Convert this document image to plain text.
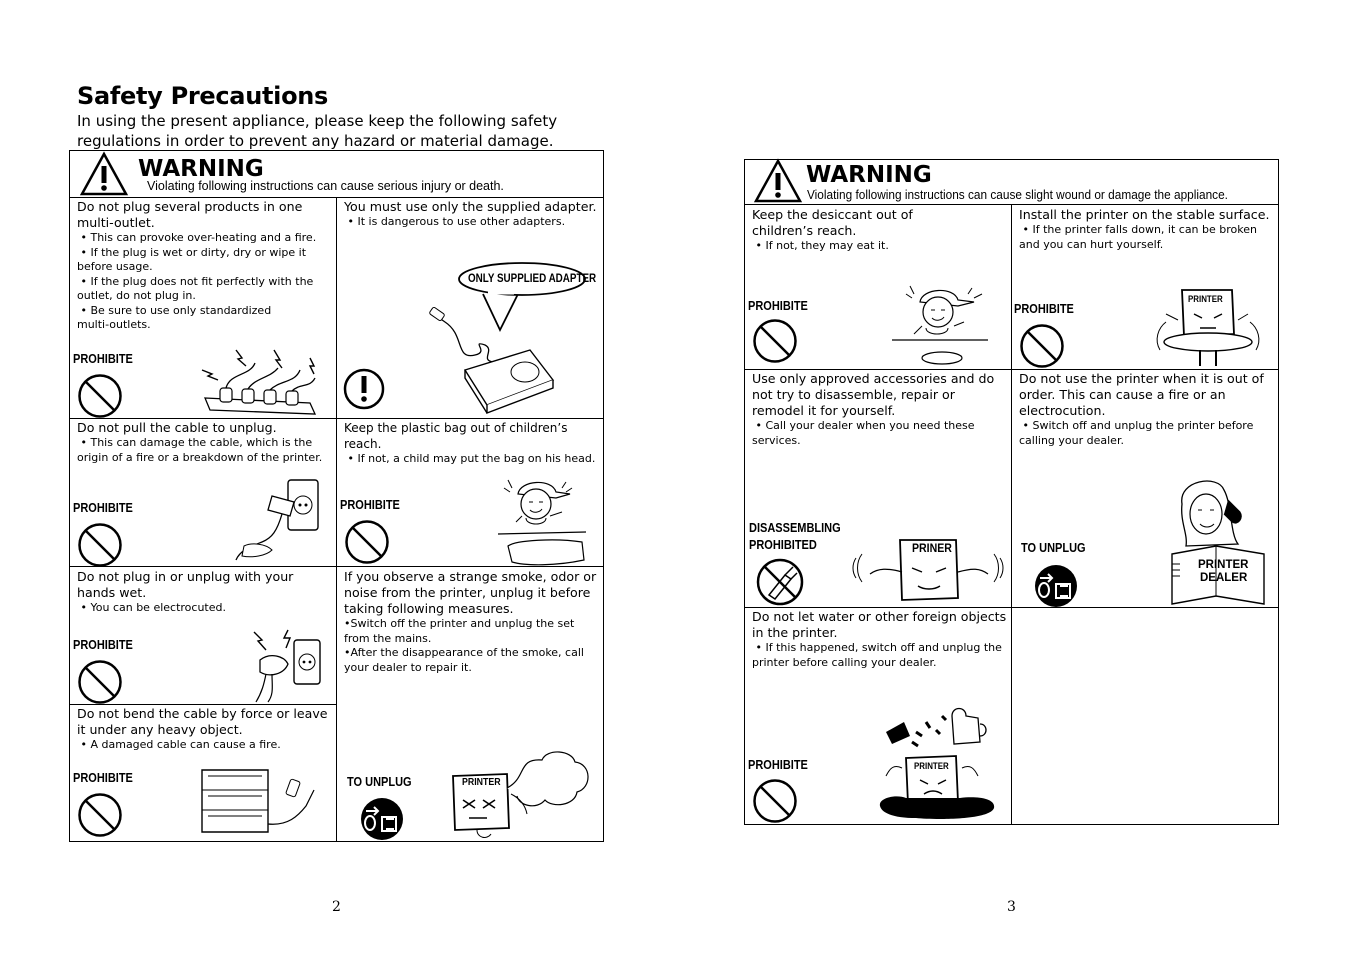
Safety Precautions
In using the present appliance, please keep the following safety
regulations in order to prevent any hazard or material damage.
WARNING
Violating following instructions can cause serious injury or death.
Do not plug several products in one multi-outlet.
• This can provoke over-heating and a fire.
• If the plug is wet or dirty, dry or wipe it before usage.
• If the plug does not fit perfectly with the outlet, do not plug in.
• Be sure to use only standardized multi-outlets.
PROHIBITE
You must use only the supplied adapter.
• It is dangerous to use other adapters.
ONLY SUPPLIED ADAPTER
Do not pull the cable to unplug.
• This can damage the cable, which is the origin of a fire or a breakdown of the printer.
PROHIBITE
Keep the plastic bag out of children’s reach.
• If not, a child may put the bag on his head.
PROHIBITE
Do not plug in or unplug with your hands wet.
• You can be electrocuted.
PROHIBITE
If you observe a strange smoke, odor or noise from the printer, unplug it before taking following measures.
•Switch off the printer and unplug the set from the mains.
•After the disappearance of the smoke, call your dealer to repair it.
TO UNPLUG	PRINTER
Do not bend the cable by force or leave it under any heavy object.
• A damaged cable can cause a fire.
PROHIBITE
2
WARNING
Violating following instructions can cause slight wound or damage the appliance.
Keep the desiccant out of children’s reach.
• If not, they may eat it.
PROHIBITE
Install the printer on the stable surface.
• If the printer falls down, it can be broken and you can hurt yourself.
PROHIBITE
PRINTER
Use only approved accessories and do not try to disassemble, repair or remodel it for yourself.
• Call your dealer when you need these services.
DISASSEMBLING
PROHIBITED	PRINER
Do not use the printer when it is out of order. This can cause a fire or an electrocution.
• Switch off and unplug the printer before calling your dealer.
TO UNPLUG
PRINTER
DEALER
Do not let water or other foreign objects in the printer.
• If this happened, switch off and unplug the printer before calling your dealer.
PROHIBITE	PRINTER
3
